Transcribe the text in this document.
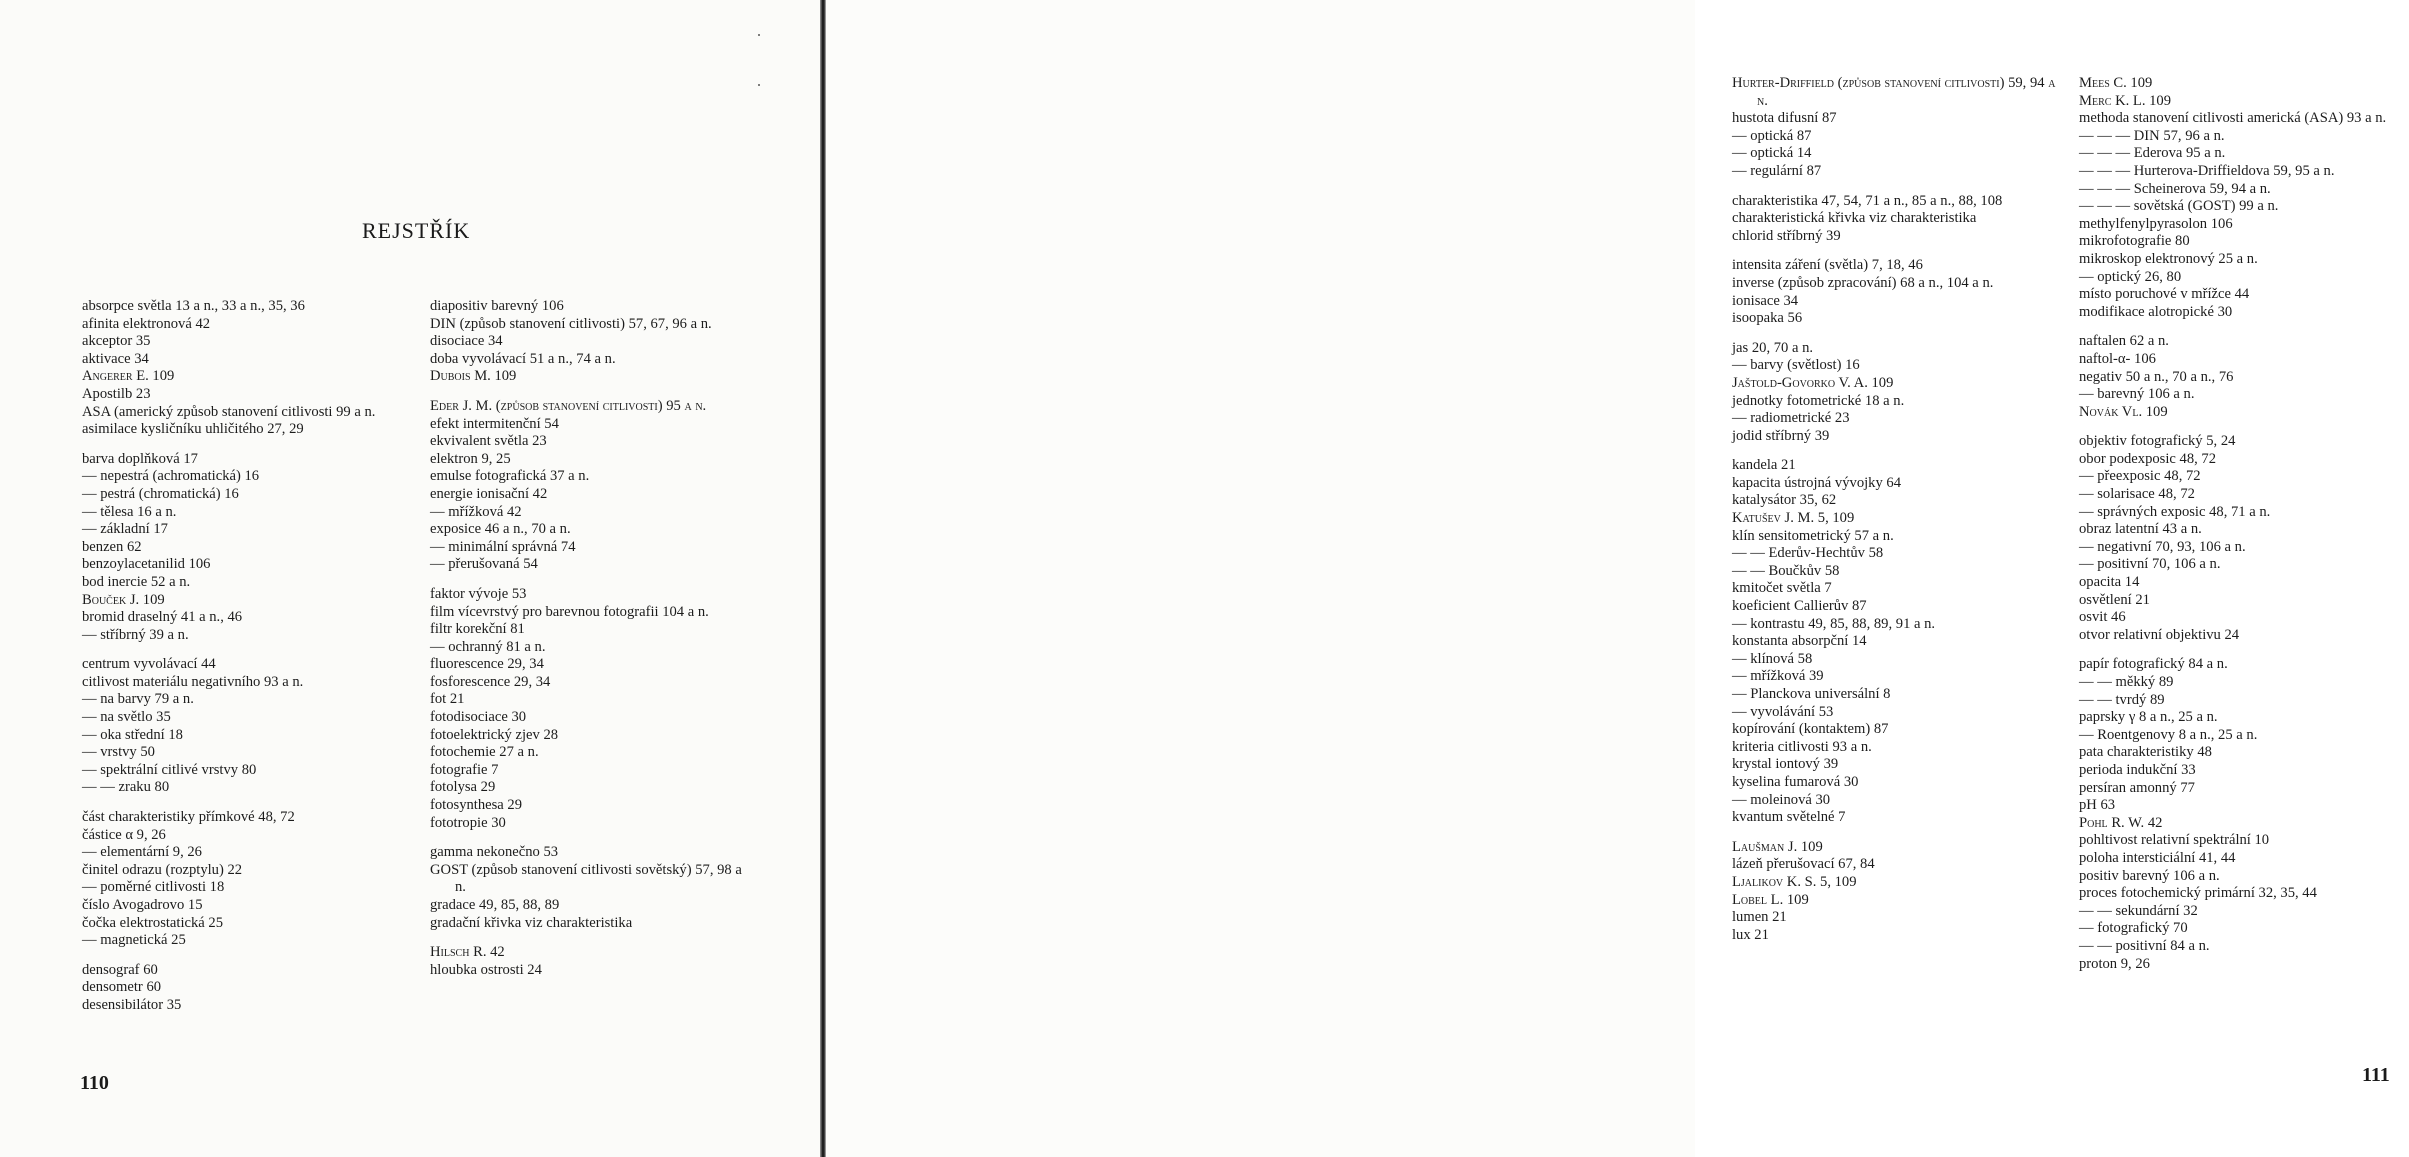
REJSTŘÍK
absorpce světla 13 a n., 33 a n., 35, 36
afinita elektronová 42
akceptor 35
aktivace 34
Angerer E. 109
Apostilb 23
ASA (americký způsob stanovení citlivosti 99 a n.
asimilace kysličníku uhličitého 27, 29
barva doplňková 17
— nepestrá (achromatická) 16
— pestrá (chromatická) 16
— tělesa 16 a n.
— základní 17
benzen 62
benzoylacetanilid 106
bod inercie 52 a n.
Bouček J. 109
bromid draselný 41 a n., 46
— stříbrný 39 a n.
centrum vyvolávací 44
citlivost materiálu negativního 93 a n.
— na barvy 79 a n.
— na světlo 35
— oka střední 18
— vrstvy 50
— spektrální citlivé vrstvy 80
— — zraku 80
část charakteristiky přímkové 48, 72
částice α 9, 26
— elementární 9, 26
činitel odrazu (rozptylu) 22
— poměrné citlivosti 18
číslo Avogadrovo 15
čočka elektrostatická 25
— magnetická 25
densograf 60
densometr 60
desensibilátor 35
diapositiv barevný 106
DIN (způsob stanovení citlivosti) 57, 67, 96 a n.
disociace 34
doba vyvolávací 51 a n., 74 a n.
Dubois M. 109
Eder J. M. (způsob stanovení citlivosti) 95 a n.
efekt intermitenční 54
ekvivalent světla 23
elektron 9, 25
emulse fotografická 37 a n.
energie ionisační 42
— mřížková 42
exposice 46 a n., 70 a n.
— minimální správná 74
— přerušovaná 54
faktor vývoje 53
film vícevrstvý pro barevnou fotografii 104 a n.
filtr korekční 81
— ochranný 81 a n.
fluorescence 29, 34
fosforescence 29, 34
fot 21
fotodisociace 30
fotoelektrický zjev 28
fotochemie 27 a n.
fotografie 7
fotolysa 29
fotosynthesa 29
fototropie 30
gamma nekonečno 53
GOST (způsob stanovení citlivosti sovětský) 57, 98 a n.
gradace 49, 85, 88, 89
gradační křivka viz charakteristika
Hilsch R. 42
hloubka ostrosti 24
110
Hurter-Driffield (způsob stanovení citlivosti) 59, 94 a n.
hustota difusní 87
— optická 87
— optická 14
— regulární 87
charakteristika 47, 54, 71 a n., 85 a n., 88, 108
charakteristická křivka viz charakteristika
chlorid stříbrný 39
intensita záření (světla) 7, 18, 46
inverse (způsob zpracování) 68 a n., 104 a n.
ionisace 34
isoopaka 56
jas 20, 70 a n.
— barvy (světlost) 16
Jaštold-Govorko V. A. 109
jednotky fotometrické 18 a n.
— radiometrické 23
jodid stříbrný 39
kandela 21
kapacita ústrojná vývojky 64
katalysátor 35, 62
Katušev J. M. 5, 109
klín sensitometrický 57 a n.
— — Ederův-Hechtův 58
— — Boučkův 58
kmitočet světla 7
koeficient Callierův 87
— kontrastu 49, 85, 88, 89, 91 a n.
konstanta absorpční 14
— klínová 58
— mřížková 39
— Planckova universální 8
— vyvolávání 53
kopírování (kontaktem) 87
kriteria citlivosti 93 a n.
krystal iontový 39
kyselina fumarová 30
— moleinová 30
kvantum světelné 7
Laušman J. 109
lázeň přerušovací 67, 84
Ljalikov K. S. 5, 109
Lobel L. 109
lumen 21
lux 21
Mees C. 109
Merc K. L. 109
methoda stanovení citlivosti americká (ASA) 93 a n.
— — — DIN 57, 96 a n.
— — — Ederova 95 a n.
— — — Hurterova-Driffieldova 59, 95 a n.
— — — Scheinerova 59, 94 a n.
— — — sovětská (GOST) 99 a n.
methylfenylpyrasolon 106
mikrofotografie 80
mikroskop elektronový 25 a n.
— optický 26, 80
místo poruchové v mřížce 44
modifikace alotropické 30
naftalen 62 a n.
naftol-α- 106
negativ 50 a n., 70 a n., 76
— barevný 106 a n.
Novák Vl. 109
objektiv fotografický 5, 24
obor podexposic 48, 72
— přeexposic 48, 72
— solarisace 48, 72
— správných exposic 48, 71 a n.
obraz latentní 43 a n.
— negativní 70, 93, 106 a n.
— positivní 70, 106 a n.
opacita 14
osvětlení 21
osvit 46
otvor relativní objektivu 24
papír fotografický 84 a n.
— — měkký 89
— — tvrdý 89
paprsky γ 8 a n., 25 a n.
— Roentgenovy 8 a n., 25 a n.
pata charakteristiky 48
perioda indukční 33
persíran amonný 77
pH 63
Pohl R. W. 42
pohltivost relativní spektrální 10
poloha intersticiální 41, 44
positiv barevný 106 a n.
proces fotochemický primární 32, 35, 44
— — sekundární 32
— fotografický 70
— — positivní 84 a n.
proton 9, 26
111
